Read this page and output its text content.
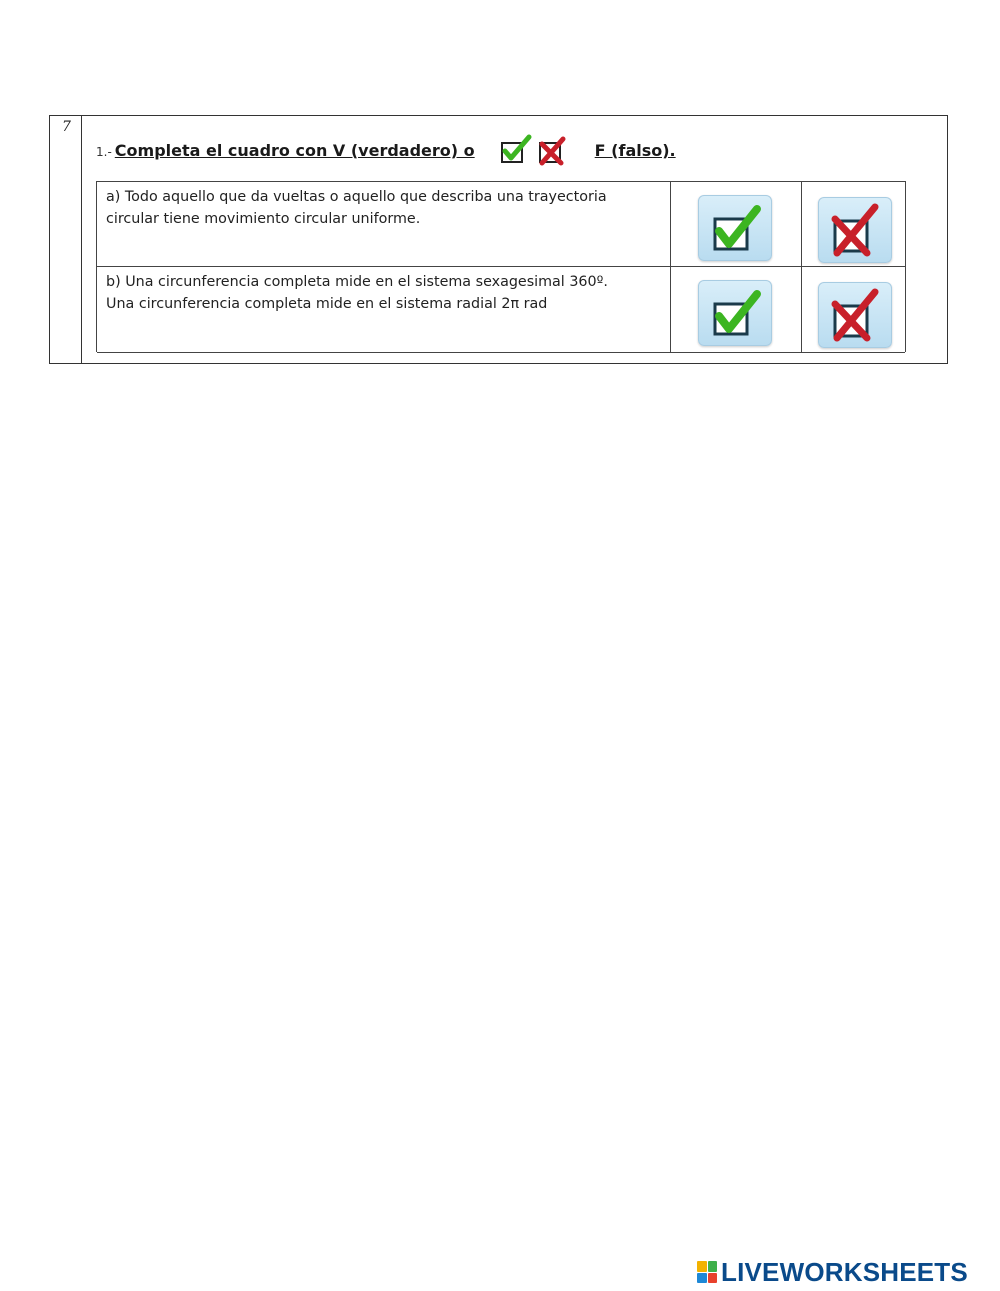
7
1.- Completa el cuadro con V (verdadero) o	F (falso).

a) Todo aquello que da vueltas o aquello que describa una trayectoria

circular tiene movimiento circular uniforme.

b) Una circunferencia completa mide en el sistema sexagesimal 360º.

Una circunferencia completa mide en el sistema radial 2π rad

LIVEWORKSHEETS
